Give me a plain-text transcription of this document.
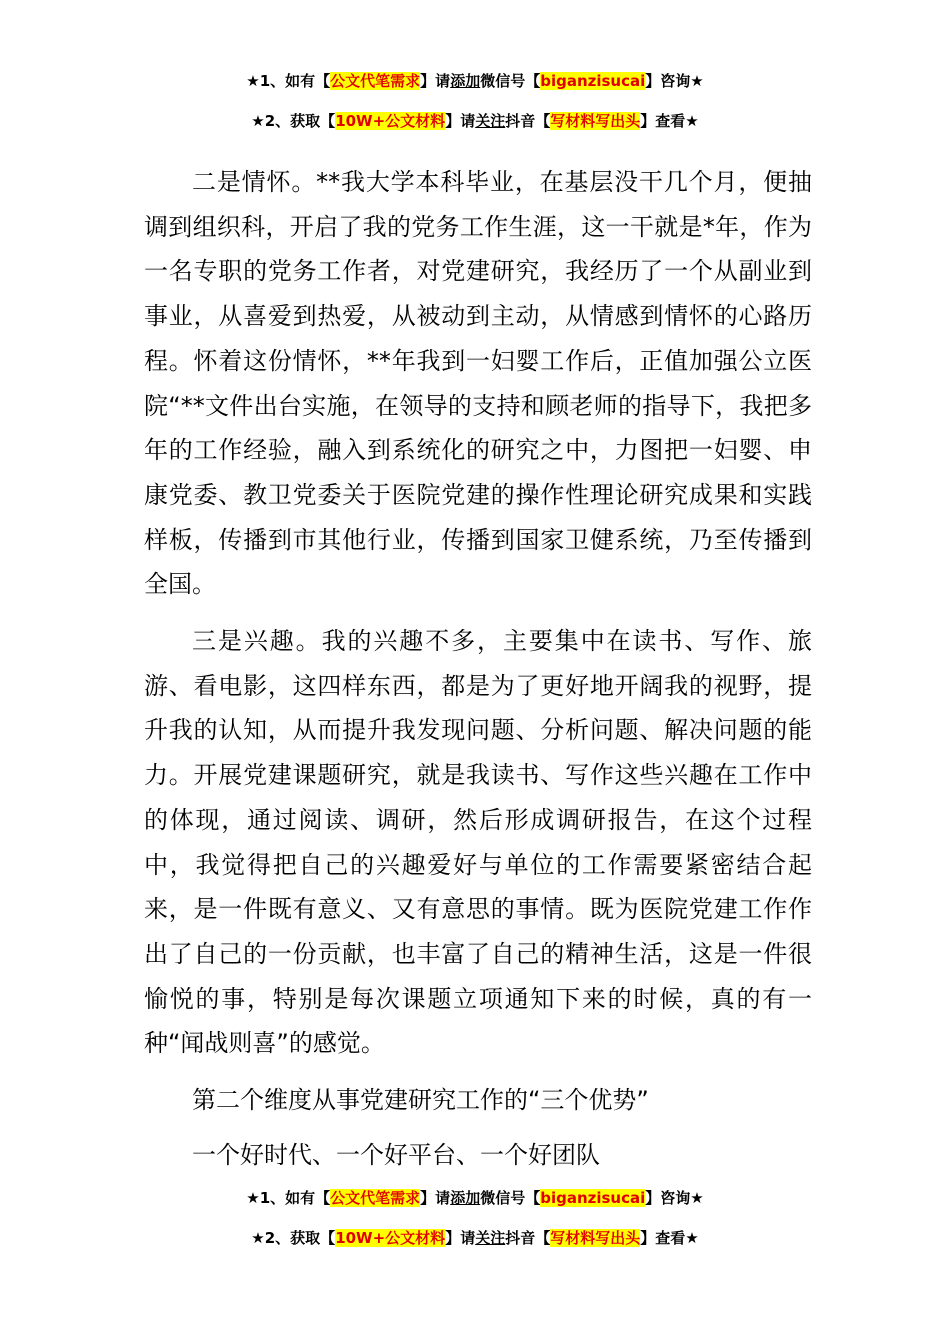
★1、如有【公文代笔需求】请添加微信号【biganzisucai】咨询★
★2、获取【10W+公文材料】请关注抖音【写材料写出头】查看★

二是情怀。**我大学本科毕业，在基层没干几个月，便抽调到组织科，开启了我的党务工作生涯，这一干就是*年，作为一名专职的党务工作者，对党建研究，我经历了一个从副业到事业，从喜爱到热爱，从被动到主动，从情感到情怀的心路历程。怀着这份情怀，**年我到一妇婴工作后，正值加强公立医院“**文件出台实施，在领导的支持和顾老师的指导下，我把多年的工作经验，融入到系统化的研究之中，力图把一妇婴、申康党委、教卫党委关于医院党建的操作性理论研究成果和实践样板，传播到市其他行业，传播到国家卫健系统，乃至传播到全国。

三是兴趣。我的兴趣不多，主要集中在读书、写作、旅游、看电影，这四样东西，都是为了更好地开阔我的视野，提升我的认知，从而提升我发现问题、分析问题、解决问题的能力。开展党建课题研究，就是我读书、写作这些兴趣在工作中的体现，通过阅读、调研，然后形成调研报告，在这个过程中，我觉得把自己的兴趣爱好与单位的工作需要紧密结合起来，是一件既有意义、又有意思的事情。既为医院党建工作作出了自己的一份贡献，也丰富了自己的精神生活，这是一件很愉悦的事，特别是每次课题立项通知下来的时候，真的有一种“闻战则喜”的感觉。

第二个维度从事党建研究工作的“三个优势”
一个好时代、一个好平台、一个好团队
★1、如有【公文代笔需求】请添加微信号【biganzisucai】咨询★
★2、获取【10W+公文材料】请关注抖音【写材料写出头】查看★
